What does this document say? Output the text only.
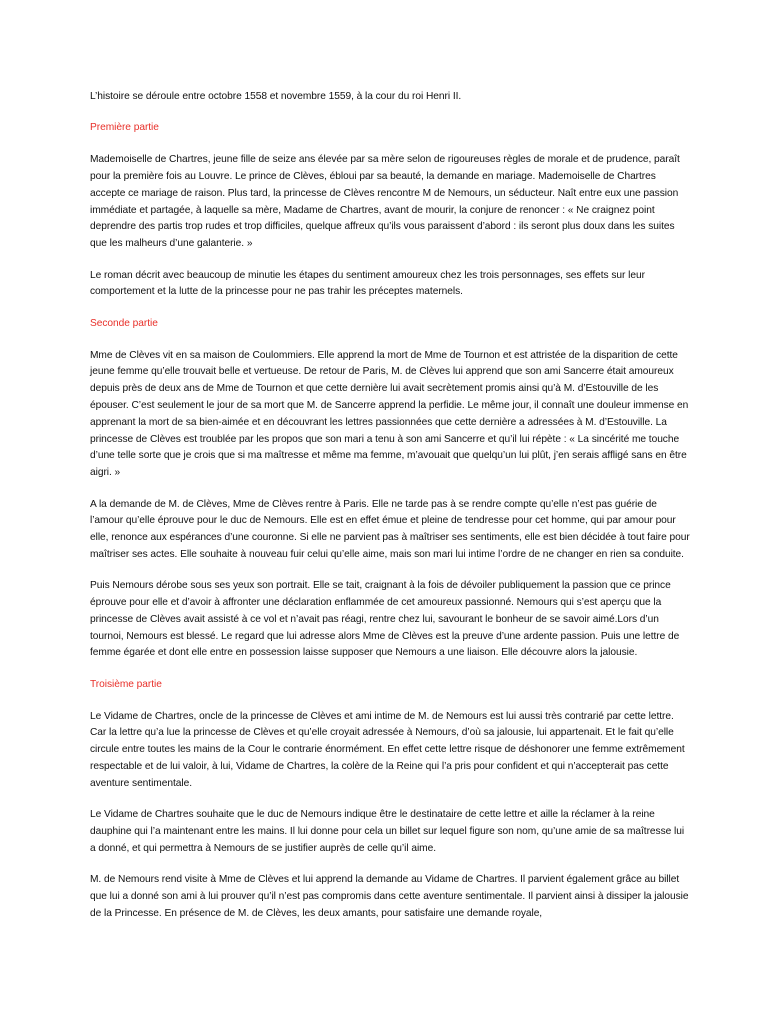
L’histoire se déroule entre octobre 1558 et novembre 1559, à la cour du roi Henri II.

Première partie

Mademoiselle de Chartres, jeune fille de seize ans élevée par sa mère selon de rigoureuses règles de morale et de prudence, paraît pour la première fois au Louvre. Le prince de Clèves, ébloui par sa beauté, la demande en mariage. Mademoiselle de Chartres accepte ce mariage de raison. Plus tard, la princesse de Clèves rencontre M de Nemours, un séducteur. Naît entre eux une passion immédiate et partagée, à laquelle sa mère, Madame de Chartres, avant de mourir, la conjure de renoncer : « Ne craignez point deprendre des partis trop rudes et trop difficiles, quelque affreux qu’ils vous paraissent d’abord : ils seront plus doux dans les suites que les malheurs d’une galanterie. »

Le roman décrit avec beaucoup de minutie les étapes du sentiment amoureux chez les trois personnages, ses effets sur leur comportement et la lutte de la princesse pour ne pas trahir les préceptes maternels.

Seconde partie

Mme de Clèves vit en sa maison de Coulommiers. Elle apprend la mort de Mme de Tournon et est attristée de la disparition de cette jeune femme qu’elle trouvait belle et vertueuse. De retour de Paris, M. de Clèves lui apprend que son ami Sancerre était amoureux depuis près de deux ans de Mme de Tournon et que cette dernière lui avait secrètement promis ainsi qu’à M. d’Estouville de les épouser. C’est seulement le jour de sa mort que M. de Sancerre apprend la perfidie. Le même jour, il connaît une douleur immense en apprenant la mort de sa bien-aimée et en découvrant les lettres passionnées que cette dernière a adressées à M. d’Estouville. La princesse de Clèves est troublée par les propos que son mari a tenu à son ami Sancerre et qu’il lui répète : « La sincérité me touche d’une telle sorte que je crois que si ma maîtresse et même ma femme, m’avouait que quelqu’un lui plût, j’en serais affligé sans en être aigri. »

A la demande de M. de Clèves, Mme de Clèves rentre à Paris. Elle ne tarde pas à se rendre compte qu’elle n’est pas guérie de l’amour qu’elle éprouve pour le duc de Nemours. Elle est en effet émue et pleine de tendresse pour cet homme, qui par amour pour elle, renonce aux espérances d’une couronne. Si elle ne parvient pas à maîtriser ses sentiments, elle est bien décidée à tout faire pour maîtriser ses actes. Elle souhaite à nouveau fuir celui qu’elle aime, mais son mari lui intime l’ordre de ne changer en rien sa conduite.

Puis Nemours dérobe sous ses yeux son portrait. Elle se tait, craignant à la fois de dévoiler publiquement la passion que ce prince éprouve pour elle et d’avoir à affronter une déclaration enflammée de cet amoureux passionné. Nemours qui s’est aperçu que la princesse de Clèves avait assisté à ce vol et n’avait pas réagi, rentre chez lui, savourant le bonheur de se savoir aimé.Lors d’un tournoi, Nemours est blessé. Le regard que lui adresse alors Mme de Clèves est la preuve d’une ardente passion. Puis une lettre de femme égarée et dont elle entre en possession laisse supposer que Nemours a une liaison. Elle découvre alors la jalousie.

Troisième partie

Le Vidame de Chartres, oncle de la princesse de Clèves et ami intime de M. de Nemours est lui aussi très contrarié par cette lettre. Car la lettre qu’a lue la princesse de Clèves et qu’elle croyait adressée à Nemours, d’où sa jalousie, lui appartenait. Et le fait qu’elle circule entre toutes les mains de la Cour le contrarie énormément. En effet cette lettre risque de déshonorer une femme extrêmement respectable et de lui valoir, à lui, Vidame de Chartres, la colère de la Reine qui l’a pris pour confident et qui n’accepterait pas cette aventure sentimentale.

Le Vidame de Chartres souhaite que le duc de Nemours indique être le destinataire de cette lettre et aille la réclamer à la reine dauphine qui l’a maintenant entre les mains. Il lui donne pour cela un billet sur lequel figure son nom, qu’une amie de sa maîtresse lui a donné, et qui permettra à Nemours de se justifier auprès de celle qu’il aime.

M. de Nemours rend visite à Mme de Clèves et lui apprend la demande au Vidame de Chartres. Il parvient également grâce au billet que lui a donné son ami à lui prouver qu’il n’est pas compromis dans cette aventure sentimentale. Il parvient ainsi à dissiper la jalousie de la Princesse. En présence de M. de Clèves, les deux amants, pour satisfaire une demande royale,
